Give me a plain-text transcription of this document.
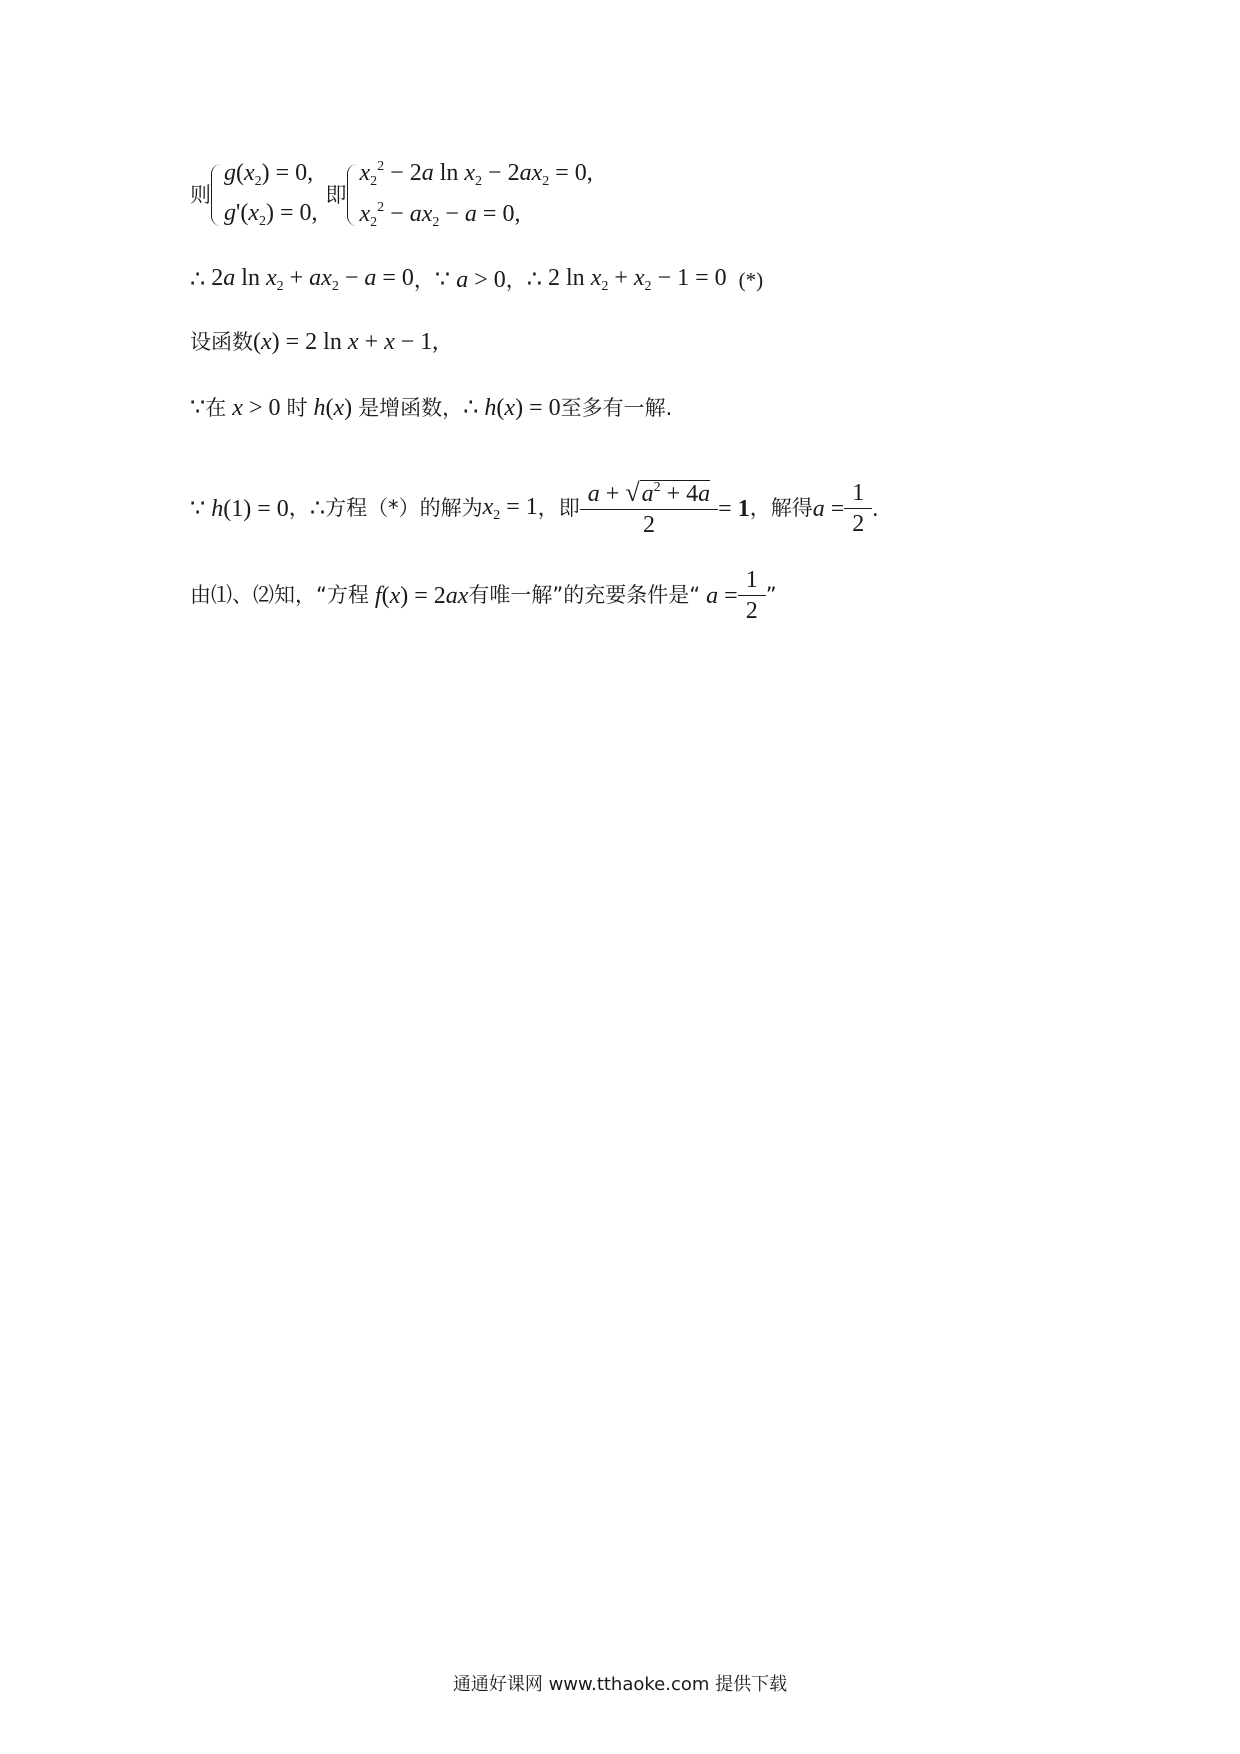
则
$g(x_2) = 0$,
$g'(x_2) = 0$,
即
$x_2^2 - 2a$ $\ln x_2 - 2ax_2 = 0$,
$x_2^2 - ax_2 - a = 0$,
∴ 2a $\ln x_2 + ax_2 - a = 0$ ， ∵ a > 0 ， ∴ 2 $\ln x_2 + x_2 - 1 = 0$ (*)
设函数 (x) = 2 ln x + x − 1,
∵ 在 x > 0 时 h(x) 是增函数， ∴ h(x) = 0 至多有一解.
∵ h(1) = 0 ， ∴ 方程（*）的解为 $x_2 = 1$ ，即 $\frac{a + √a^2 + 4a}{2} = 1$ ，解得 $a = \frac{1}{2}$ .
由⑴、⑵知，“方程 f(x) = 2ax 有唯一解”的充要条件是“ $a = \frac{1}{2}$ ”
通通好课网 www.tthaoke.com 提供下载
